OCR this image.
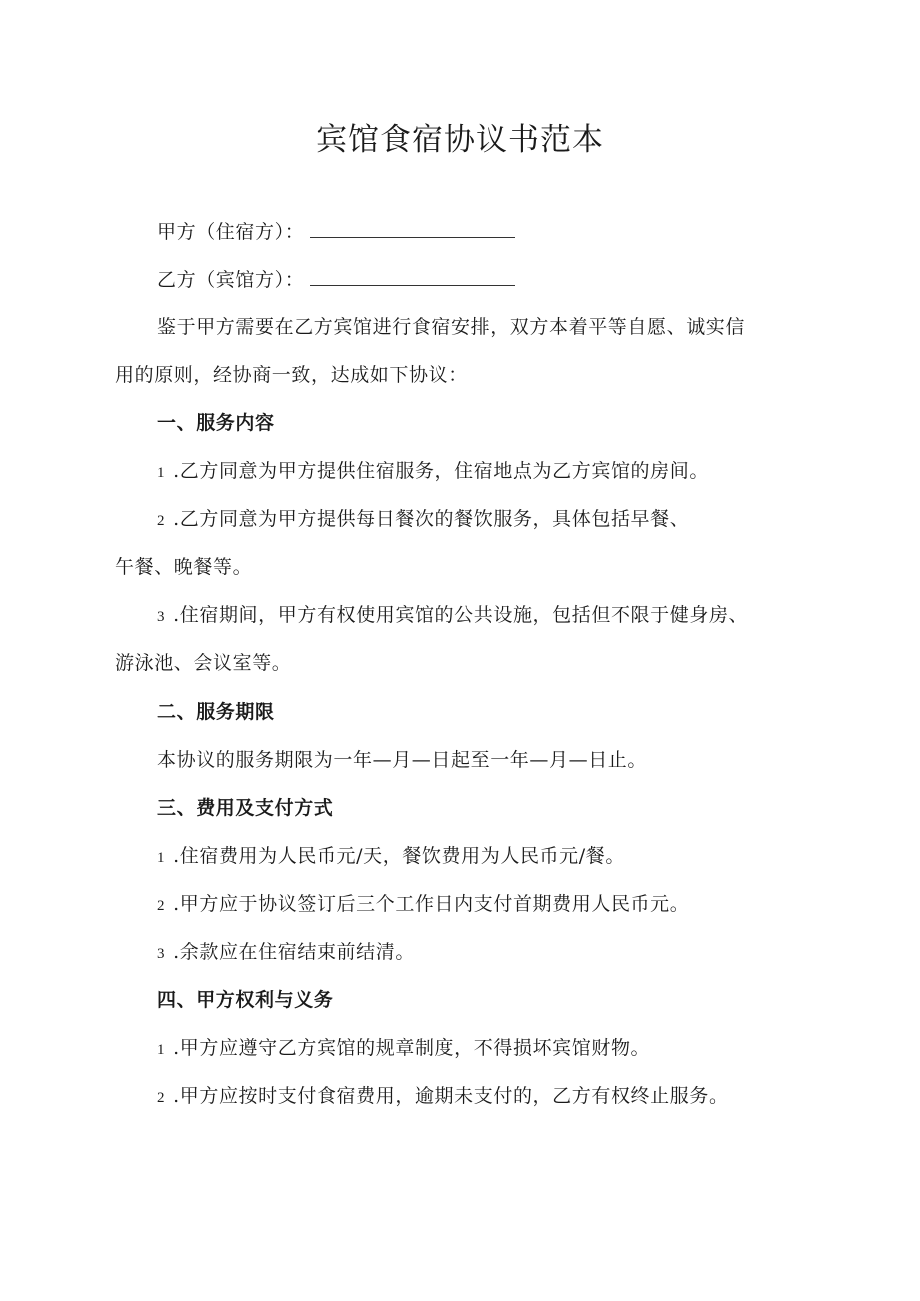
宾馆食宿协议书范本
甲方（住宿方）：
乙方（宾馆方）：
鉴于甲方需要在乙方宾馆进行食宿安排，双方本着平等自愿、诚实信
用的原则，经协商一致，达成如下协议：
一、服务内容
1 .乙方同意为甲方提供住宿服务，住宿地点为乙方宾馆的房间。
2 .乙方同意为甲方提供每日餐次的餐饮服务，具体包括早餐、
午餐、晚餐等。
3 .住宿期间，甲方有权使用宾馆的公共设施，包括但不限于健身房、
游泳池、会议室等。
二、服务期限
本协议的服务期限为一年—月—日起至一年—月—日止。
三、费用及支付方式
1 .住宿费用为人民币元/天，餐饮费用为人民币元/餐。
2 .甲方应于协议签订后三个工作日内支付首期费用人民币元。
3 .余款应在住宿结束前结清。
四、甲方权利与义务
1 .甲方应遵守乙方宾馆的规章制度，不得损坏宾馆财物。
2 .甲方应按时支付食宿费用，逾期未支付的，乙方有权终止服务。
